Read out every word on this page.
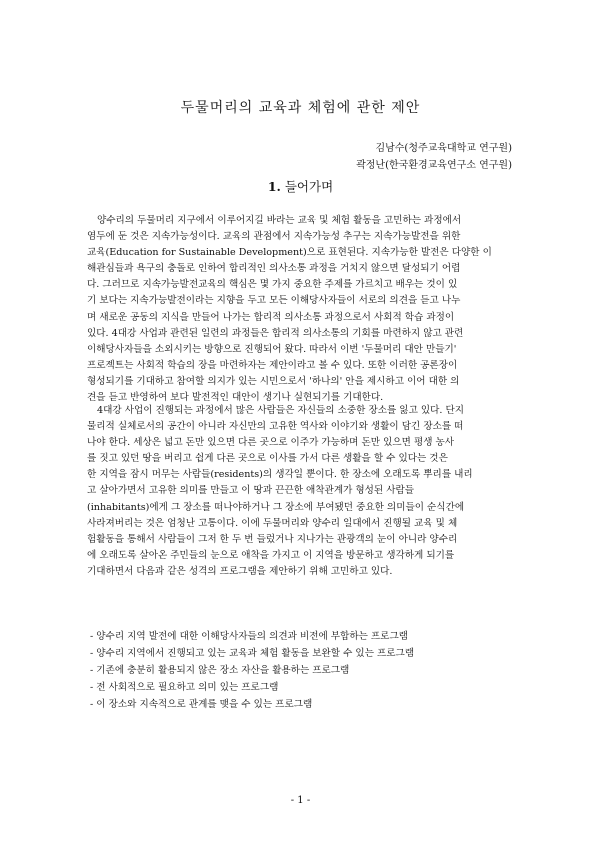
두물머리의 교육과 체험에 관한 제안
김남수(청주교육대학교 연구원)
곽정난(한국환경교육연구소 연구원)
1. 들어가며

양수리의 두물머리 지구에서 이루어지길 바라는 교육 및 체험 활동을 고민하는 과정에서
염두에 둔 것은 지속가능성이다. 교육의 관점에서 지속가능성 추구는 지속가능발전을 위한
교육(Education for Sustainable Development)으로 표현된다. 지속가능한 발전은 다양한 이
해관심들과 욕구의 충돌로 인하여 합리적인 의사소통 과정을 거치지 않으면 달성되기 어렵
다. 그러므로 지속가능발전교육의 핵심은 몇 가지 중요한 주제를 가르치고 배우는 것이 있
기 보다는 지속가능발전이라는 지향을 두고 모든 이해당사자들이 서로의 의견을 듣고 나누
며 새로운 공동의 지식을 만들어 나가는 합리적 의사소통 과정으로서 사회적 학습 과정이
있다. 4대강 사업과 관련된 일련의 과정들은 합리적 의사소통의 기회를 마련하지 않고 관련
이해당사자들을 소외시키는 방향으로 진행되어 왔다. 따라서 이번 '두물머리 대안 만들기'
프로젝트는 사회적 학습의 장을 마련하자는 제안이라고 볼 수 있다. 또한 이러한 공론장이
형성되기를 기대하고 참여할 의지가 있는 시민으로서 '하나의' 안을 제시하고 이어 대한 의
견을 듣고 반영하여 보다 발전적인 대안이 생기나 실현되기를 기대한다.

4대강 사업이 진행되는 과정에서 많은 사람들은 자신들의 소중한 장소를 잃고 있다. 단지
물리적 실체로서의 공간이 아니라 자신만의 고유한 역사와 이야기와 생활이 담긴 장소를 떠
나야 한다. 세상은 넓고 돈만 있으면 다른 곳으로 이주가 가능하며 돈만 있으면 평생 농사
를 짓고 있던 땅을 버리고 쉽게 다른 곳으로 이사를 가서 다른 생활을 할 수 있다는 것은
한 지역을 잠시 머무는 사람들(residents)의 생각일 뿐이다. 한 장소에 오래도록 뿌리를 내리
고 살아가면서 고유한 의미를 만들고 이 땅과 끈끈한 애착관계가 형성된 사람들
(inhabitants)에게 그 장소를 떠나야하거나 그 장소에 부여됐던 중요한 의미들이 순식간에
사라져버리는 것은 엄청난 고통이다. 이에 두물머리와 양수리 일대에서 진행될 교육 및 체
험활동을 통해서 사람들이 그저 한 두 번 들렀거나 지나가는 관광객의 눈이 아니라 양수리
에 오래도록 살아온 주민들의 눈으로 애착을 가지고 이 지역을 방문하고 생각하게 되기를
기대하면서 다음과 같은 성격의 프로그램을 제안하기 위해 고민하고 있다.

- 양수리 지역 발전에 대한 이해당사자들의 의견과 비전에 부합하는 프로그램
- 양수리 지역에서 진행되고 있는 교육과 체험 활동을 보완할 수 있는 프로그램
- 기존에 충분히 활용되지 않은 장소 자산을 활용하는 프로그램
- 전 사회적으로 필요하고 의미 있는 프로그램
- 이 장소와 지속적으로 관계를 맺을 수 있는 프로그램
- 1 -
